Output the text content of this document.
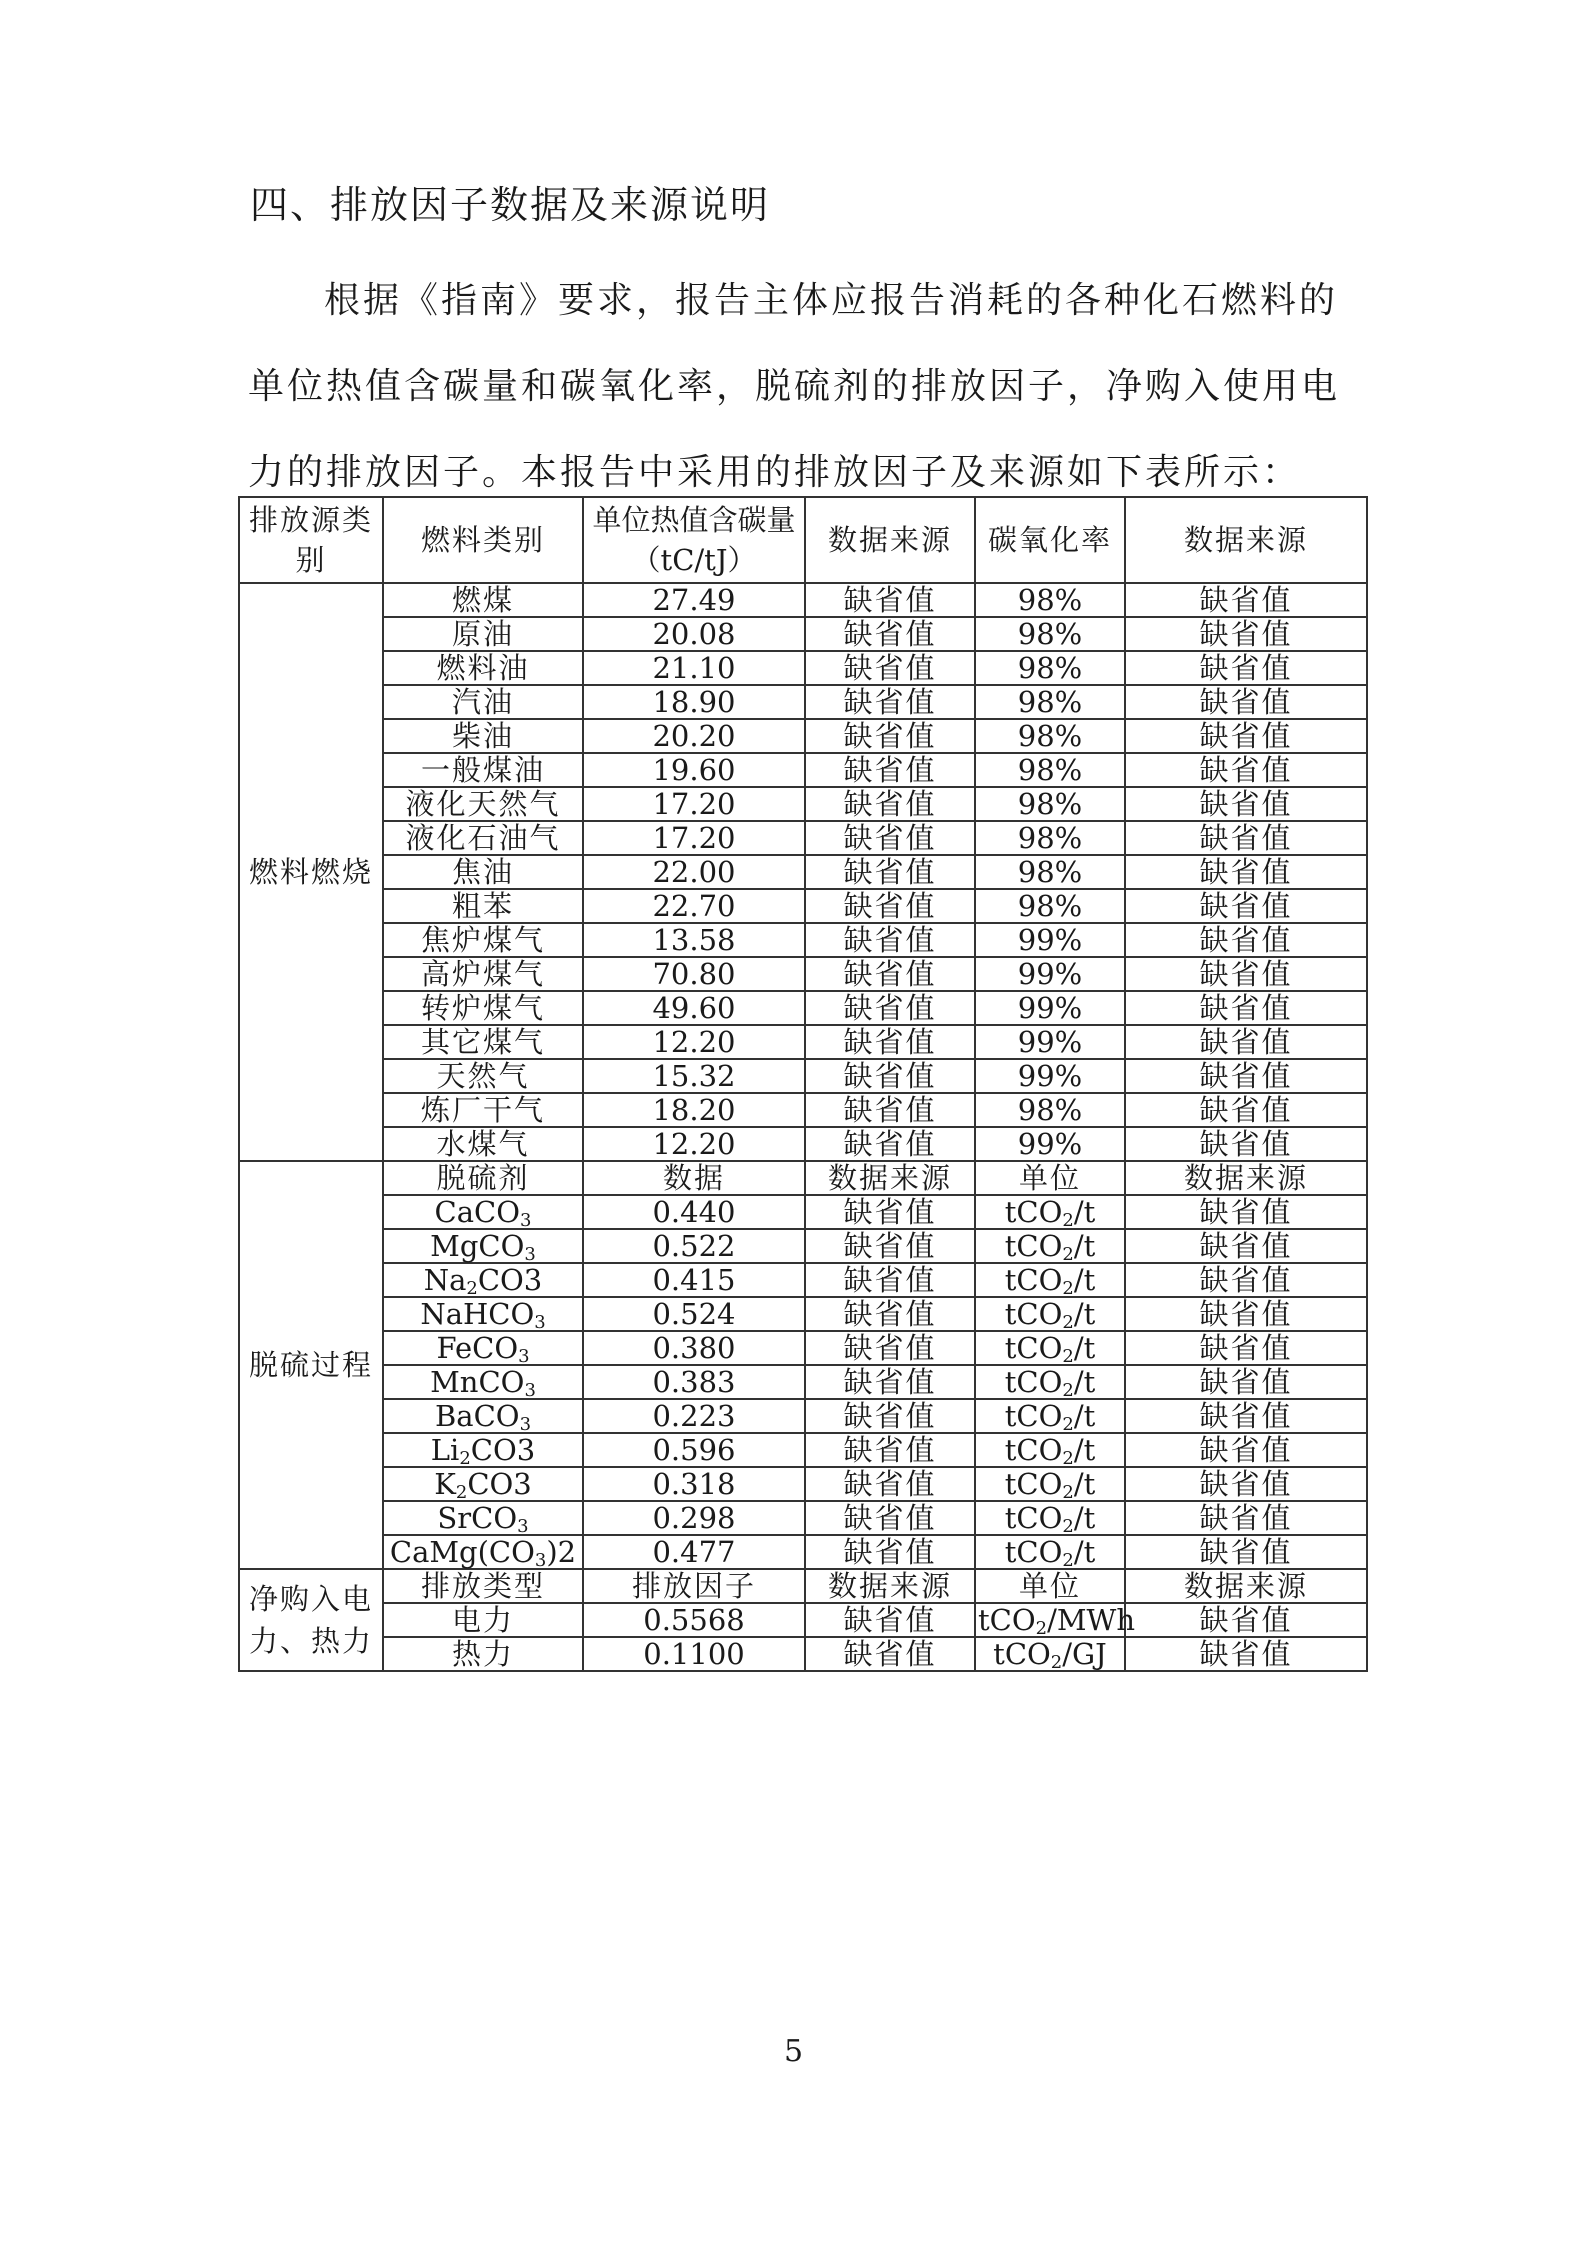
四、排放因子数据及来源说明

根据《指南》要求，报告主体应报告消耗的各种化石燃料的单位热值含碳量和碳氧化率，脱硫剂的排放因子，净购入使用电力的排放因子。本报告中采用的排放因子及来源如下表所示：

排放源类别	燃料类别	单位热值含碳量（tC/tJ）	数据来源	碳氧化率	数据来源
燃料燃烧	燃煤	27.49	缺省值	98%	缺省值
	原油	20.08	缺省值	98%	缺省值
	燃料油	21.10	缺省值	98%	缺省值
	汽油	18.90	缺省值	98%	缺省值
	柴油	20.20	缺省值	98%	缺省值
	一般煤油	19.60	缺省值	98%	缺省值
	液化天然气	17.20	缺省值	98%	缺省值
	液化石油气	17.20	缺省值	98%	缺省值
	焦油	22.00	缺省值	98%	缺省值
	粗苯	22.70	缺省值	98%	缺省值
	焦炉煤气	13.58	缺省值	99%	缺省值
	高炉煤气	70.80	缺省值	99%	缺省值
	转炉煤气	49.60	缺省值	99%	缺省值
	其它煤气	12.20	缺省值	99%	缺省值
	天然气	15.32	缺省值	99%	缺省值
	炼厂干气	18.20	缺省值	98%	缺省值
	水煤气	12.20	缺省值	99%	缺省值
脱硫过程	脱硫剂	数据	数据来源	单位	数据来源
	CaCO$_3$	0.440	缺省值	tCO$_2$/t	缺省值
	MgCO$_3$	0.522	缺省值	tCO$_2$/t	缺省值
	$Na_2CO3$	0.415	缺省值	tCO$_2$/t	缺省值
	NaHCO$_3$	0.524	缺省值	tCO$_2$/t	缺省值
	FeCO$_3$	0.380	缺省值	tCO$_2$/t	缺省值
	MnCO$_3$	0.383	缺省值	tCO$_2$/t	缺省值
	BaCO$_3$	0.223	缺省值	tCO$_2$/t	缺省值
	$Li_2CO3$	0.596	缺省值	tCO$_2$/t	缺省值
	$K_2CO3$	0.318	缺省值	tCO$_2$/t	缺省值
	SrCO$_3$	0.298	缺省值	tCO$_2$/t	缺省值
	$CaMg(CO_3)2$	0.477	缺省值	tCO$_2$/t	缺省值
净购入电力、热力	排放类型	排放因子	数据来源	单位	数据来源
	电力	0.5568	缺省值	tCO$_2$/MWh	缺省值
	热力	0.1100	缺省值	tCO$_2$/GJ	缺省值
5
